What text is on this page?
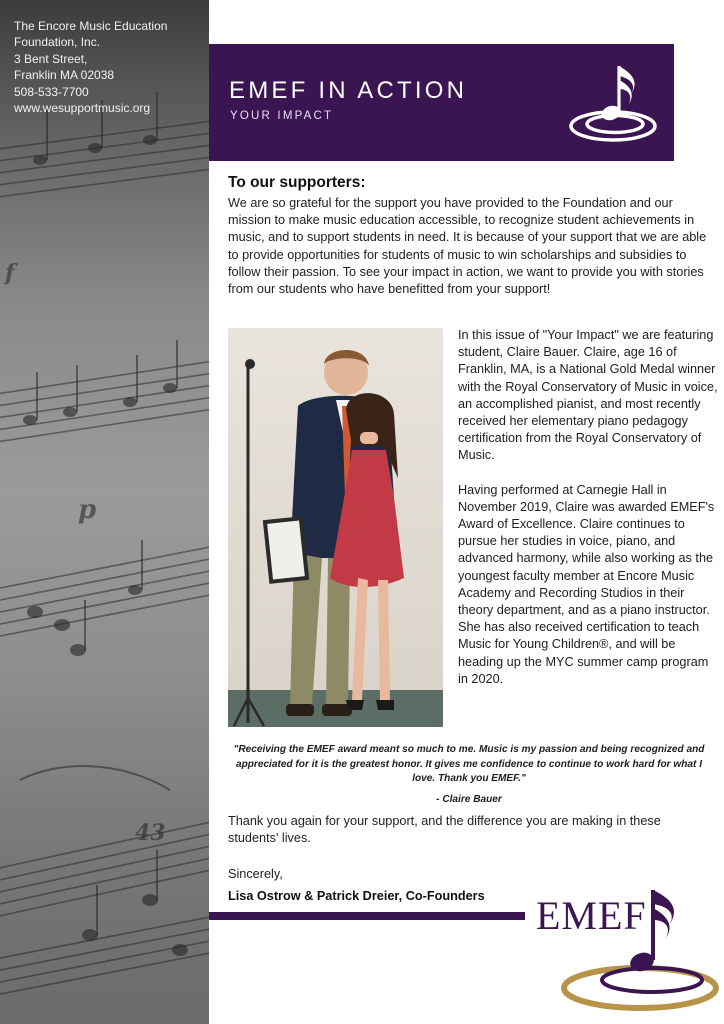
p
43
f
The Encore Music Education
Foundation, Inc.
3 Bent Street,
Franklin MA 02038
508-533-7700
www.wesupportmusic.org
EMEF IN ACTION
YOUR IMPACT
To our supporters:
We are so grateful for the support you have provided to the Foundation and our mission to make music education accessible, to recognize student achievements in music, and to support students in need. It is because of your support that we are able to provide opportunities for students of music to win scholarships and subsidies to follow their passion. To see your impact in action, we want to provide you with stories from our students who have benefitted from your support!

In this issue of "Your Impact" we are featuring student, Claire Bauer. Claire, age 16 of Franklin, MA, is a National Gold Medal winner with the Royal Conservatory of Music in voice, an accomplished pianist, and most recently received her elementary piano pedagogy certification from the Royal Conservatory of Music.

Having performed at Carnegie Hall in November 2019, Claire was awarded EMEF's Award of Excellence. Claire continues to pursue her studies in voice, piano, and advanced harmony, while also working as the youngest faculty member at Encore Music Academy and Recording Studios in their theory department, and as a piano instructor. She has also received certification to teach Music for Young Children®, and will be heading up the MYC summer camp program in 2020.

"Receiving the EMEF award meant so much to me. Music is my passion and being recognized and appreciated for it is the greatest honor. It gives me confidence to continue to work hard for what I love. Thank you EMEF."
- Claire Bauer
Thank you again for your support, and the difference you are making in these students' lives.
Sincerely,
Lisa Ostrow & Patrick Dreier, Co-Founders EMEF
